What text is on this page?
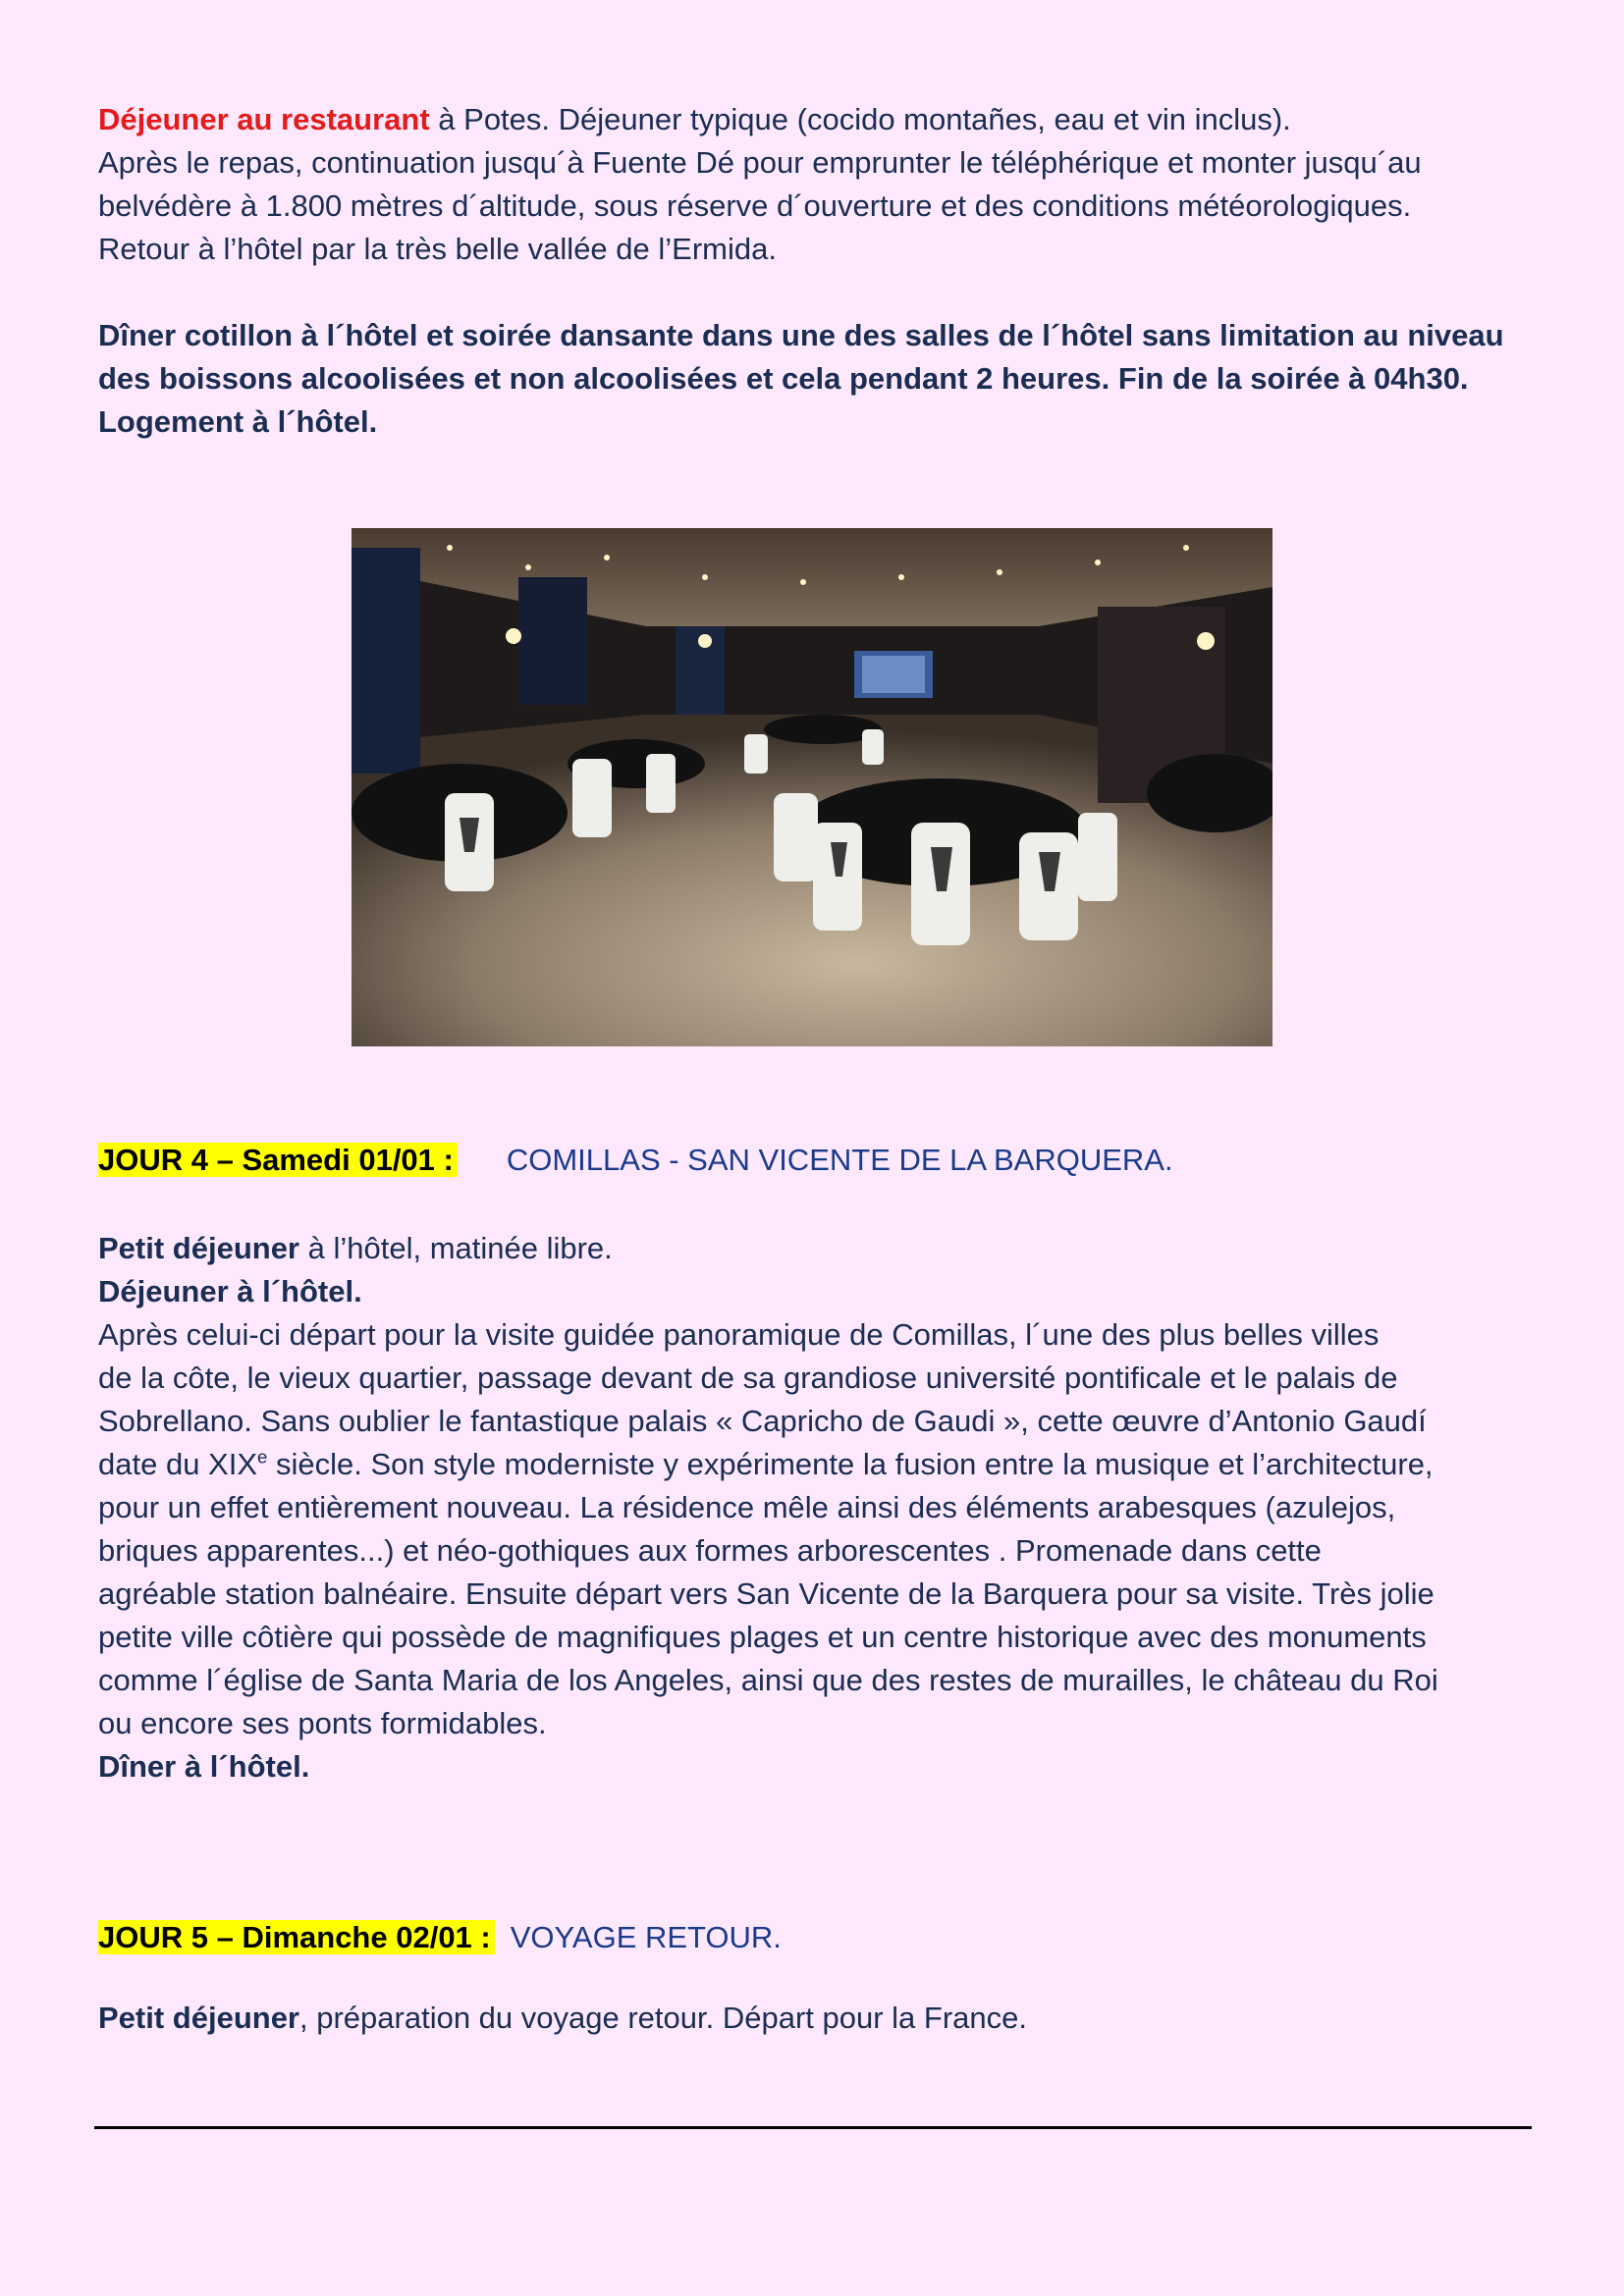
Déjeuner au restaurant à Potes. Déjeuner typique (cocido montañes, eau et vin inclus).

Après le repas, continuation jusqu´à Fuente Dé pour emprunter le téléphérique et monter jusqu´au

belvédère à 1.800 mètres d´altitude, sous réserve d´ouverture et des conditions météorologiques.

Retour à l’hôtel par la très belle vallée de l’Ermida.

Dîner cotillon à l´hôtel et soirée dansante dans une des salles de l´hôtel sans limitation au niveau

des boissons alcoolisées et non alcoolisées et cela pendant 2 heures. Fin de la soirée à 04h30.

Logement à l´hôtel.

JOUR 4 – Samedi 01/01 : COMILLAS - SAN VICENTE DE LA BARQUERA.

Petit déjeuner à l’hôtel, matinée libre.

Déjeuner à l´hôtel.

Après celui-ci départ pour la visite guidée panoramique de Comillas, l´une des plus belles villes

de la côte, le vieux quartier, passage devant de sa grandiose université pontificale et le palais de

Sobrellano. Sans oublier le fantastique palais « Capricho de Gaudi », cette œuvre d’Antonio Gaudí

date du XIXe siècle. Son style moderniste y expérimente la fusion entre la musique et l’architecture,

pour un effet entièrement nouveau. La résidence mêle ainsi des éléments arabesques (azulejos,

briques apparentes...) et néo-gothiques aux formes arborescentes . Promenade dans cette

agréable station balnéaire. Ensuite départ vers San Vicente de la Barquera pour sa visite. Très jolie

petite ville côtière qui possède de magnifiques plages et un centre historique avec des monuments

comme l´église de Santa Maria de los Angeles, ainsi que des restes de murailles, le château du Roi

ou encore ses ponts formidables.

Dîner à l´hôtel.

JOUR 5 – Dimanche 02/01 : VOYAGE RETOUR.

Petit déjeuner, préparation du voyage retour. Départ pour la France.
